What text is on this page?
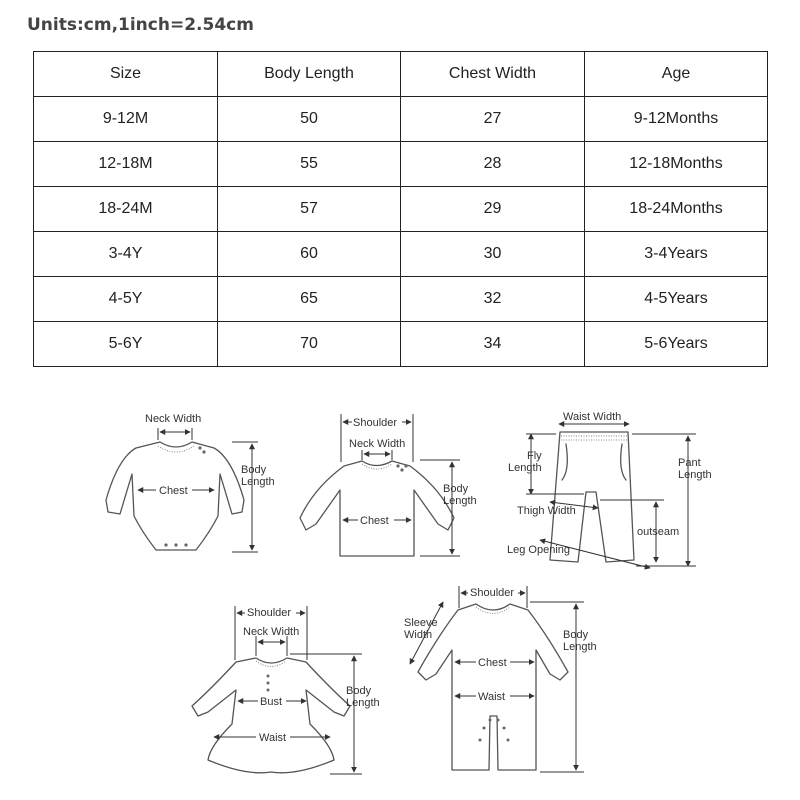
Units:cm,1inch=2.54cm
Size	Body Length	Chest Width	Age
9-12M	50	27	9-12Months
12-18M	55	28	12-18Months
18-24M	57	29	18-24Months
3-4Y	60	30	3-4Years
4-5Y	65	32	4-5Years
5-6Y	70	34	5-6Years
Neck Width
Chest
Body
Length
Shoulder
Neck Width
Chest
Body
Length
Waist Width
Fly
Length	Pant
Length
Thigh Width
outseam
Leg Opening
Shoulder
Neck Width
Bust
Waist
Body
Length
Shoulder
Sleeve
Width
Chest
Waist
Body
Length
